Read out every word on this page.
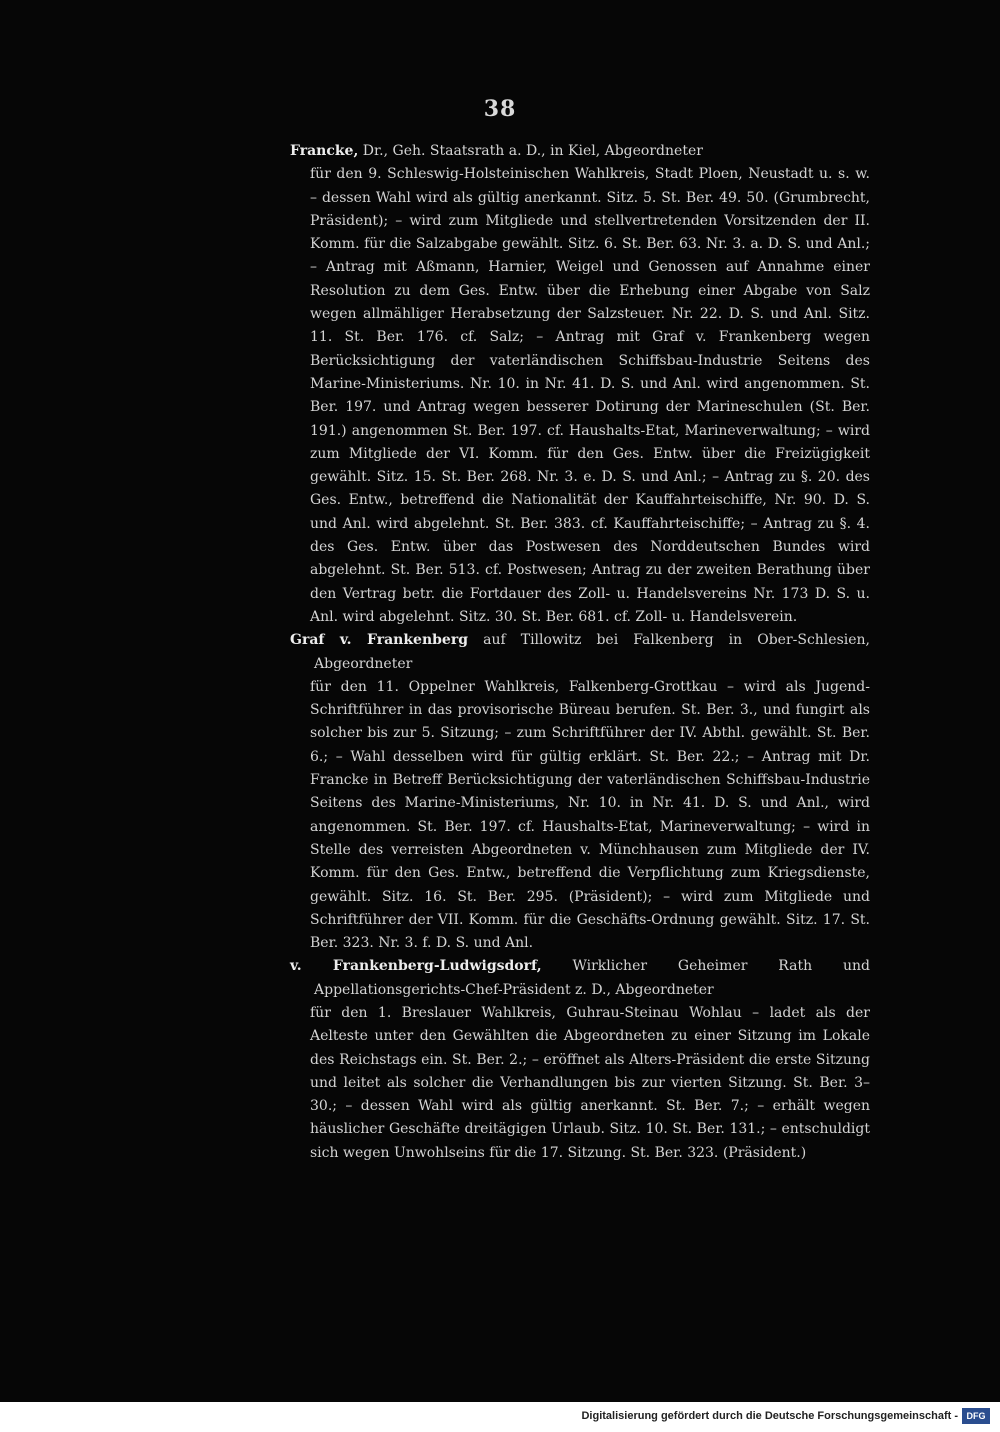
38
Francke, Dr., Geh. Staatsrath a. D., in Kiel, Abgeordneter
für den 9. Schleswig-Holsteinischen Wahlkreis, Stadt Ploen, Neustadt u. s. w. – dessen Wahl wird als gültig anerkannt. Sitz. 5. St. Ber. 49. 50. (Grumbrecht, Präsident); – wird zum Mitgliede und stellvertretenden Vorsitzenden der II. Komm. für die Salzabgabe gewählt. Sitz. 6. St. Ber. 63. Nr. 3. a. D. S. und Anl.; – Antrag mit Aßmann, Harnier, Weigel und Genossen auf Annahme einer Resolution zu dem Ges. Entw. über die Erhebung einer Abgabe von Salz wegen allmähliger Herabsetzung der Salzsteuer. Nr. 22. D. S. und Anl. Sitz. 11. St. Ber. 176. cf. Salz; – Antrag mit Graf v. Frankenberg wegen Berücksichtigung der vaterländischen Schiffsbau-Industrie Seitens des Marine-Ministeriums. Nr. 10. in Nr. 41. D. S. und Anl. wird angenommen. St. Ber. 197. und Antrag wegen besserer Dotirung der Marineschulen (St. Ber. 191.) angenommen St. Ber. 197. cf. Haushalts-Etat, Marineverwaltung; – wird zum Mitgliede der VI. Komm. für den Ges. Entw. über die Freizügigkeit gewählt. Sitz. 15. St. Ber. 268. Nr. 3. e. D. S. und Anl.; – Antrag zu §. 20. des Ges. Entw., betreffend die Nationalität der Kauffahrteischiffe, Nr. 90. D. S. und Anl. wird abgelehnt. St. Ber. 383. cf. Kauffahrteischiffe; – Antrag zu §. 4. des Ges. Entw. über das Postwesen des Norddeutschen Bundes wird abgelehnt. St. Ber. 513. cf. Postwesen; Antrag zu der zweiten Berathung über den Vertrag betr. die Fortdauer des Zoll- u. Handelsvereins Nr. 173 D. S. u. Anl. wird abgelehnt. Sitz. 30. St. Ber. 681. cf. Zoll- u. Handelsverein.
Graf v. Frankenberg auf Tillowitz bei Falkenberg in Ober-Schlesien, Abgeordneter
für den 11. Oppelner Wahlkreis, Falkenberg-Grottkau – wird als Jugend-Schriftführer in das provisorische Büreau berufen. St. Ber. 3., und fungirt als solcher bis zur 5. Sitzung; – zum Schriftführer der IV. Abthl. gewählt. St. Ber. 6.; – Wahl desselben wird für gültig erklärt. St. Ber. 22.; – Antrag mit Dr. Francke in Betreff Berücksichtigung der vaterländischen Schiffsbau-Industrie Seitens des Marine-Ministeriums, Nr. 10. in Nr. 41. D. S. und Anl., wird angenommen. St. Ber. 197. cf. Haushalts-Etat, Marineverwaltung; – wird in Stelle des verreisten Abgeordneten v. Münchhausen zum Mitgliede der IV. Komm. für den Ges. Entw., betreffend die Verpflichtung zum Kriegsdienste, gewählt. Sitz. 16. St. Ber. 295. (Präsident); – wird zum Mitgliede und Schriftführer der VII. Komm. für die Geschäfts-Ordnung gewählt. Sitz. 17. St. Ber. 323. Nr. 3. f. D. S. und Anl.
v. Frankenberg-Ludwigsdorf, Wirklicher Geheimer Rath und Appellationsgerichts-Chef-Präsident z. D., Abgeordneter
für den 1. Breslauer Wahlkreis, Guhrau-Steinau Wohlau – ladet als der Aelteste unter den Gewählten die Abgeordneten zu einer Sitzung im Lokale des Reichstags ein. St. Ber. 2.; – eröffnet als Alters-Präsident die erste Sitzung und leitet als solcher die Verhandlungen bis zur vierten Sitzung. St. Ber. 3–30.; – dessen Wahl wird als gültig anerkannt. St. Ber. 7.; – erhält wegen häuslicher Geschäfte dreitägigen Urlaub. Sitz. 10. St. Ber. 131.; – entschuldigt sich wegen Unwohlseins für die 17. Sitzung. St. Ber. 323. (Präsident.)
Digitalisierung gefördert durch die Deutsche Forschungsgemeinschaft - DFG
